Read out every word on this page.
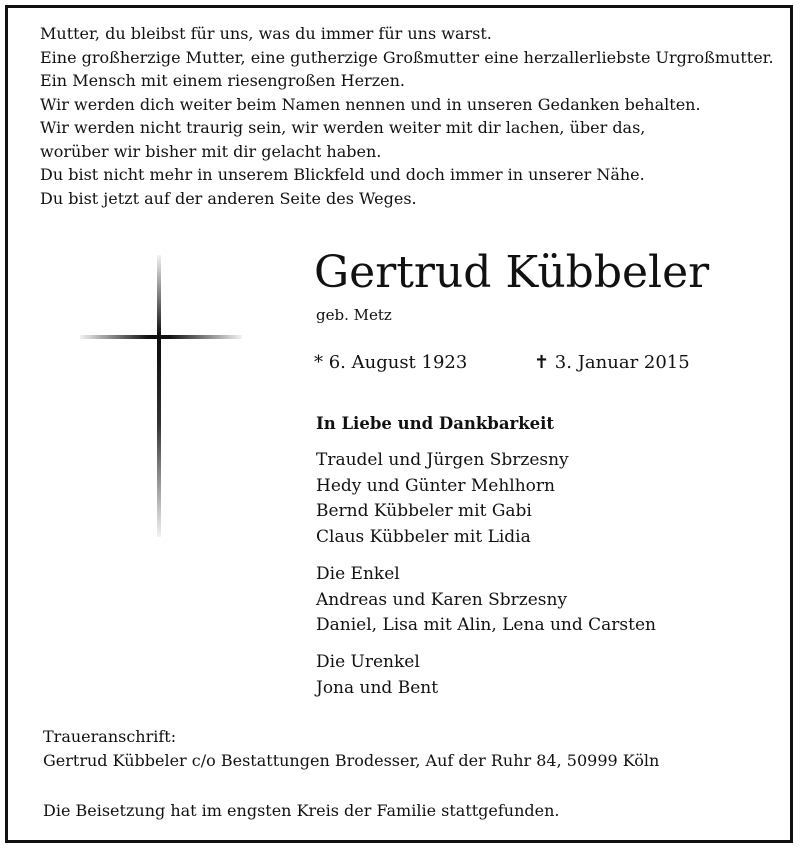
Mutter, du bleibst für uns, was du immer für uns warst.
Eine großherzige Mutter, eine gutherzige Großmutter eine herzallerliebste Urgroßmutter.
Ein Mensch mit einem riesengroßen Herzen.
Wir werden dich weiter beim Namen nennen und in unseren Gedanken behalten.
Wir werden nicht traurig sein, wir werden weiter mit dir lachen, über das,
worüber wir bisher mit dir gelacht haben.
Du bist nicht mehr in unserem Blickfeld und doch immer in unserer Nähe.
Du bist jetzt auf der anderen Seite des Weges.
Gertrud Kübbeler
geb. Metz
* 6. August 1923	✝ 3. Januar 2015
In Liebe und Dankbarkeit
Traudel und Jürgen Sbrzesny
Hedy und Günter Mehlhorn
Bernd Kübbeler mit Gabi
Claus Kübbeler mit Lidia
Die Enkel
Andreas und Karen Sbrzesny
Daniel, Lisa mit Alin, Lena und Carsten
Die Urenkel
Jona und Bent
Traueranschrift:
Gertrud Kübbeler c/o Bestattungen Brodesser, Auf der Ruhr 84, 50999 Köln
Die Beisetzung hat im engsten Kreis der Familie stattgefunden.
